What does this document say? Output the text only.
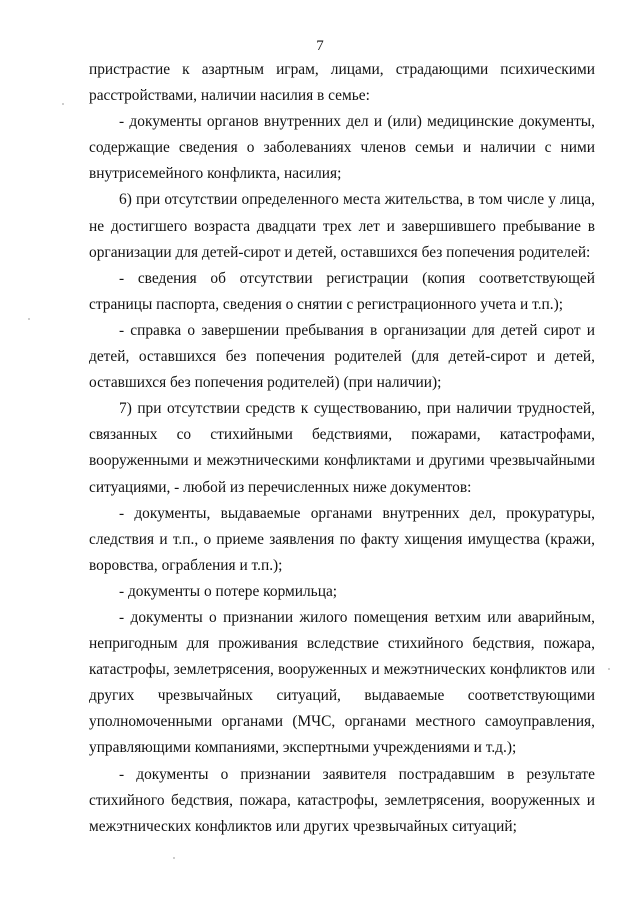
7

пристрастие к азартным играм, лицами, страдающими психическими расстройствами, наличии насилия в семье:

- документы органов внутренних дел и (или) медицинские документы, содержащие сведения о заболеваниях членов семьи и наличии с ними внутрисемейного конфликта, насилия;

6) при отсутствии определенного места жительства, в том числе у лица, не достигшего возраста двадцати трех лет и завершившего пребывание в организации для детей-сирот и детей, оставшихся без попечения родителей:

- сведения об отсутствии регистрации (копия соответствующей страницы паспорта, сведения о снятии с регистрационного учета и т.п.);

- справка о завершении пребывания в организации для детей сирот и детей, оставшихся без попечения родителей (для детей-сирот и детей, оставшихся без попечения родителей) (при наличии);

7) при отсутствии средств к существованию, при наличии трудностей, связанных со стихийными бедствиями, пожарами, катастрофами, вооруженными и межэтническими конфликтами и другими чрезвычайными ситуациями, - любой из перечисленных ниже документов:

- документы, выдаваемые органами внутренних дел, прокуратуры, следствия и т.п., о приеме заявления по факту хищения имущества (кражи, воровства, ограбления и т.п.);

- документы о потере кормильца;

- документы о признании жилого помещения ветхим или аварийным, непригодным для проживания вследствие стихийного бедствия, пожара, катастрофы, землетрясения, вооруженных и межэтнических конфликтов или других чрезвычайных ситуаций, выдаваемые соответствующими уполномоченными органами (МЧС, органами местного самоуправления, управляющими компаниями, экспертными учреждениями и т.д.);

- документы о признании заявителя пострадавшим в результате стихийного бедствия, пожара, катастрофы, землетрясения, вооруженных и межэтнических конфликтов или других чрезвычайных ситуаций;
